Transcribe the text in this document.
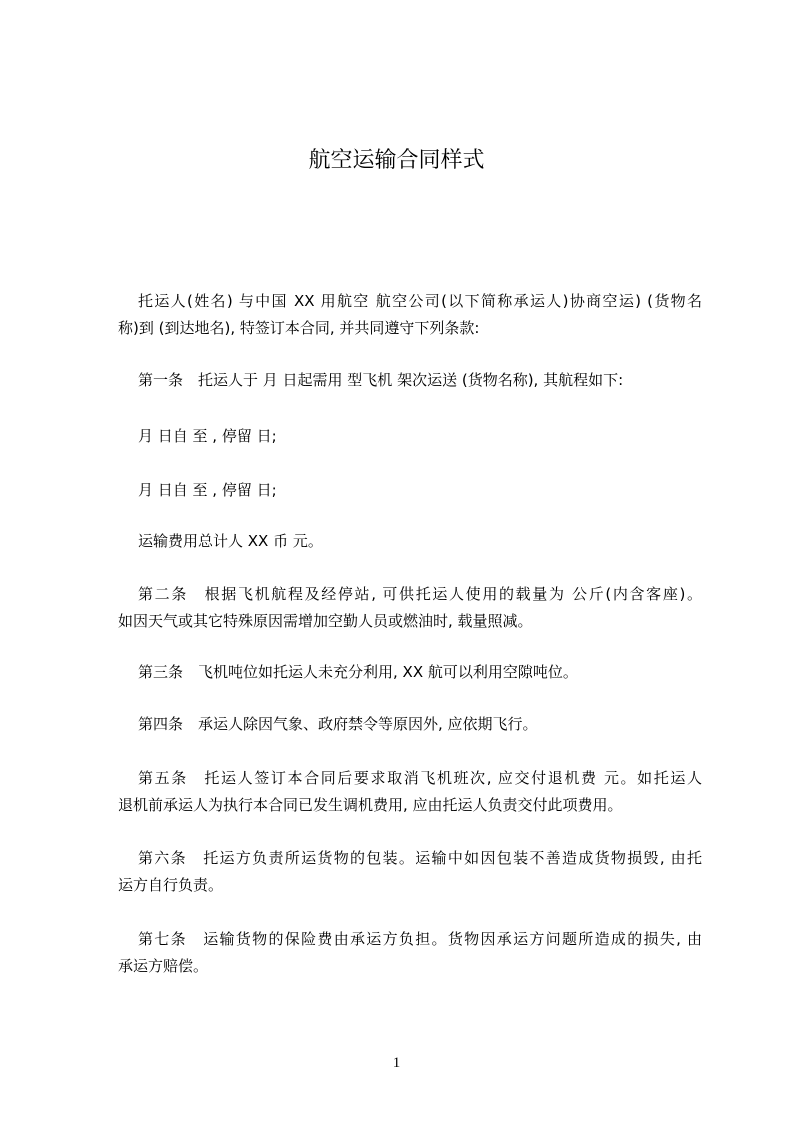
航空运输合同样式
托运人(姓名) 与中国 XX 用航空 航空公司(以下简称承运人)协商空运) (货物名
称)到 (到达地名), 特签订本合同, 并共同遵守下列条款:
第一条　托运人于 月 日起需用 型飞机 架次运送 (货物名称), 其航程如下:
月 日自 至 , 停留 日;
月 日自 至 , 停留 日;
运输费用总计人 XX 币 元。
第二条　根据飞机航程及经停站, 可供托运人使用的载量为 公斤(内含客座)。
如因天气或其它特殊原因需增加空勤人员或燃油时, 载量照减。
第三条　飞机吨位如托运人未充分利用, XX 航可以利用空隙吨位。
第四条　承运人除因气象、政府禁令等原因外, 应依期飞行。
第五条　托运人签订本合同后要求取消飞机班次, 应交付退机费 元。如托运人
退机前承运人为执行本合同已发生调机费用, 应由托运人负责交付此项费用。
第六条　托运方负责所运货物的包装。运输中如因包装不善造成货物损毁, 由托
运方自行负责。
第七条　运输货物的保险费由承运方负担。货物因承运方问题所造成的损失, 由
承运方赔偿。
1
